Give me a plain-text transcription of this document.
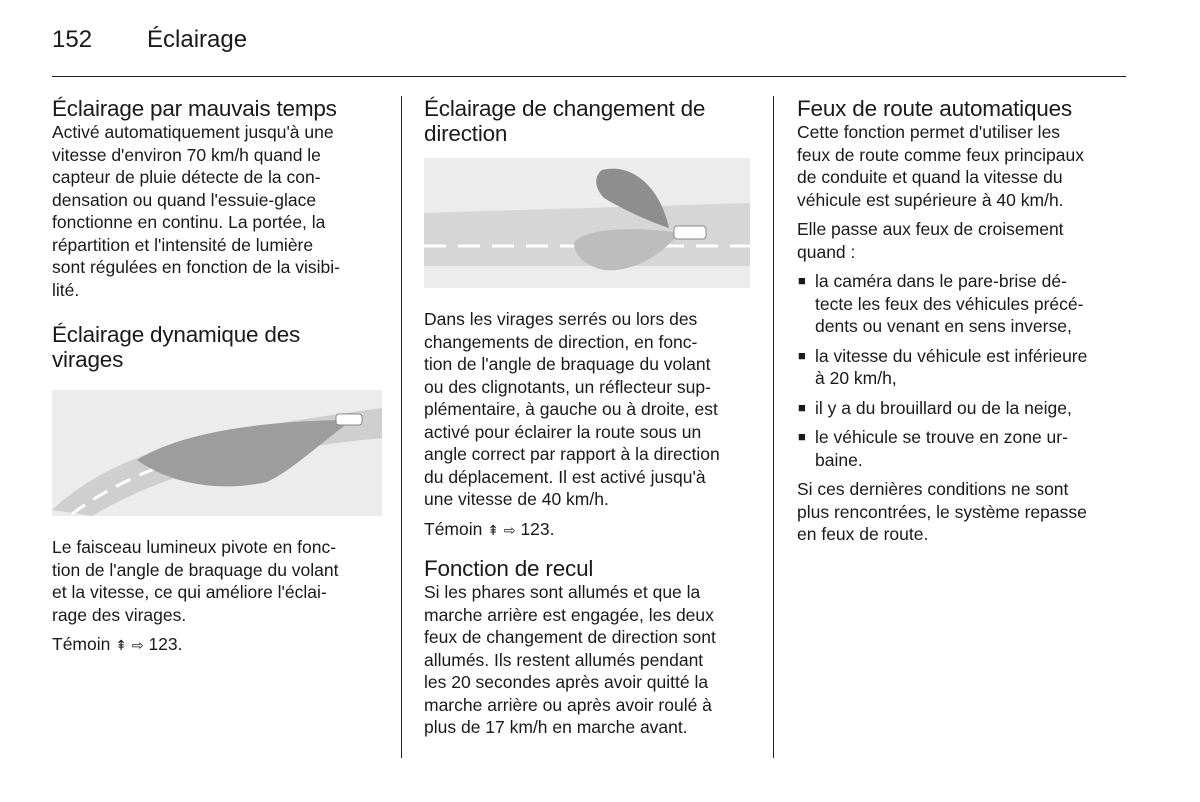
152 Éclairage
Éclairage par mauvais temps

Activé automatiquement jusqu'à une
vitesse d'environ 70 km/h quand le
capteur de pluie détecte de la con-
densation ou quand l'essuie-glace
fonctionne en continu. La portée, la
répartition et l'intensité de lumière
sont régulées en fonction de la visibi-
lité.

Éclairage dynamique des
virages

Le faisceau lumineux pivote en fonc-
tion de l'angle de braquage du volant
et la vitesse, ce qui améliore l'éclai-
rage des virages.

Témoin ⇞ ⇨ 123.

Éclairage de changement de
direction

Dans les virages serrés ou lors des
changements de direction, en fonc-
tion de l'angle de braquage du volant
ou des clignotants, un réflecteur sup-
plémentaire, à gauche ou à droite, est
activé pour éclairer la route sous un
angle correct par rapport à la direction
du déplacement. Il est activé jusqu'à
une vitesse de 40 km/h.

Témoin ⇞ ⇨ 123.

Fonction de recul

Si les phares sont allumés et que la
marche arrière est engagée, les deux
feux de changement de direction sont
allumés. Ils restent allumés pendant
les 20 secondes après avoir quitté la
marche arrière ou après avoir roulé à
plus de 17 km/h en marche avant.

Feux de route automatiques

Cette fonction permet d'utiliser les
feux de route comme feux principaux
de conduite et quand la vitesse du
véhicule est supérieure à 40 km/h.

Elle passe aux feux de croisement
quand :

■ la caméra dans le pare-brise dé-
tecte les feux des véhicules précé-
dents ou venant en sens inverse,
■ la vitesse du véhicule est inférieure
à 20 km/h,
■ il y a du brouillard ou de la neige,
■ le véhicule se trouve en zone ur-
baine.

Si ces dernières conditions ne sont
plus rencontrées, le système repasse
en feux de route.
